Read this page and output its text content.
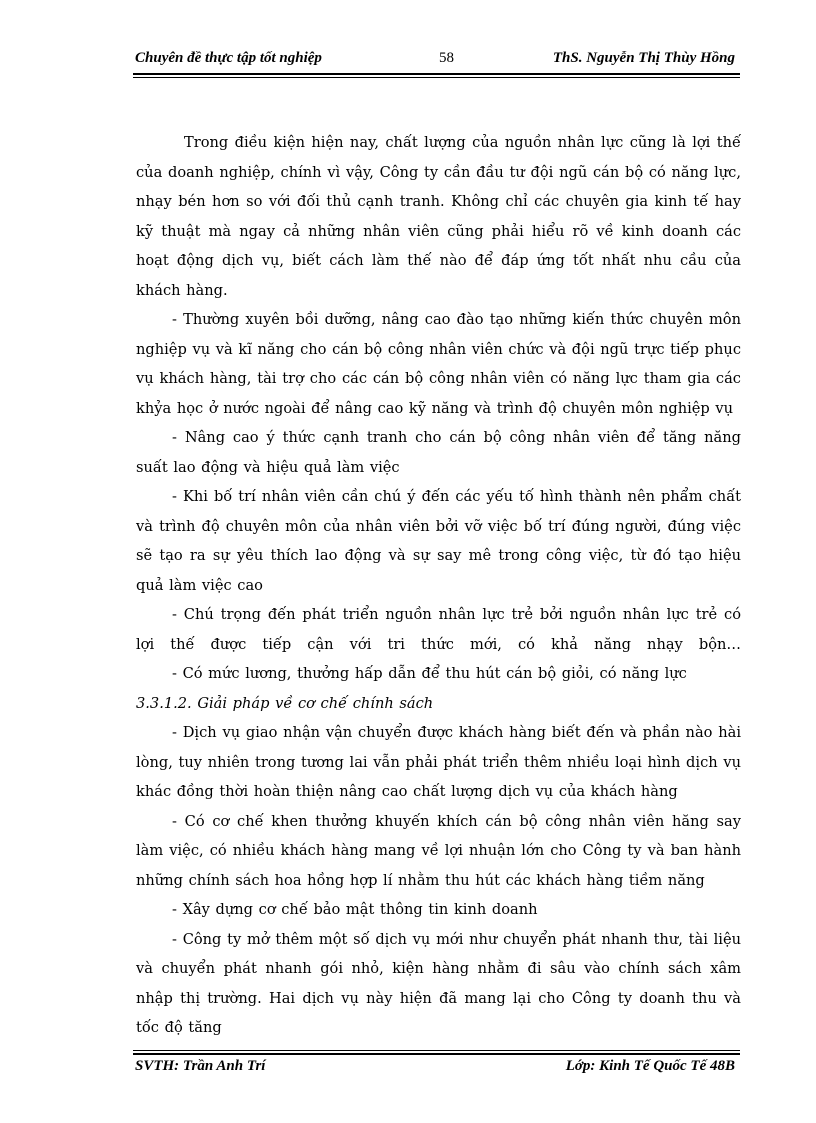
Chuyên đề thực tập tốt nghiệp	58	ThS. Nguyễn Thị Thùy Hồng

Trong điều kiện hiện nay, chất lượng của nguồn nhân lực cũng là lợi thế của doanh nghiệp, chính vì vậy, Công ty cần đầu tư đội ngũ cán bộ có năng lực, nhạy bén hơn so với đối thủ cạnh tranh. Không chỉ các chuyên gia kinh tế hay kỹ thuật mà ngay cả những nhân viên cũng phải hiểu rõ về kinh doanh các hoạt động dịch vụ, biết cách làm thế nào để đáp ứng tốt nhất nhu cầu của khách hàng.

- Thường xuyên bồi dưỡng, nâng cao đào tạo những kiến thức chuyên môn nghiệp vụ và kĩ năng cho cán bộ công nhân viên chức và đội ngũ trực tiếp phục vụ khách hàng, tài trợ cho các cán bộ công nhân viên có năng lực tham gia các khỷa học ở nước ngoài để nâng cao kỹ năng và trình độ chuyên môn nghiệp vụ

- Nâng cao ý thức cạnh tranh cho cán bộ công nhân viên để tăng năng suất lao động và hiệu quả làm việc

- Khi bố trí nhân viên cần chú ý đến các yếu tố hình thành nên phẩm chất và trình độ chuyên môn của nhân viên bởi vỡ việc bố trí đúng người, đúng việc sẽ tạo ra sự yêu thích lao động và sự say mê trong công việc, từ đó tạo hiệu quả làm việc cao

- Chú trọng đến phát triển nguồn nhân lực trẻ bởi nguồn nhân lực trẻ có lợi thế được tiếp cận với tri thức mới, có khả năng nhạy bộn…

- Có mức lương, thưởng hấp dẫn để thu hút cán bộ giỏi, có năng lực

3.3.1.2. Giải pháp về cơ chế chính sách

- Dịch vụ giao nhận vận chuyển được khách hàng biết đến và phần nào hài lòng, tuy nhiên trong tương lai vẫn phải phát triển thêm nhiều loại hình dịch vụ khác đồng thời hoàn thiện nâng cao chất lượng dịch vụ của khách hàng

- Có cơ chế khen thưởng khuyến khích cán bộ công nhân viên hăng say làm việc, có nhiều khách hàng mang về lợi nhuận lớn cho Công ty và ban hành những chính sách hoa hồng hợp lí nhằm thu hút các khách hàng tiềm năng

- Xây dựng cơ chế bảo mật thông tin kinh doanh

- Công ty mở thêm một số dịch vụ mới như chuyển phát nhanh thư, tài liệu và chuyển phát nhanh gói nhỏ, kiện hàng nhằm đi sâu vào chính sách xâm nhập thị trường. Hai dịch vụ này hiện đã mang lại cho Công ty doanh thu và tốc độ tăng

SVTH: Trần Anh Trí	Lớp: Kinh Tế Quốc Tế 48B
